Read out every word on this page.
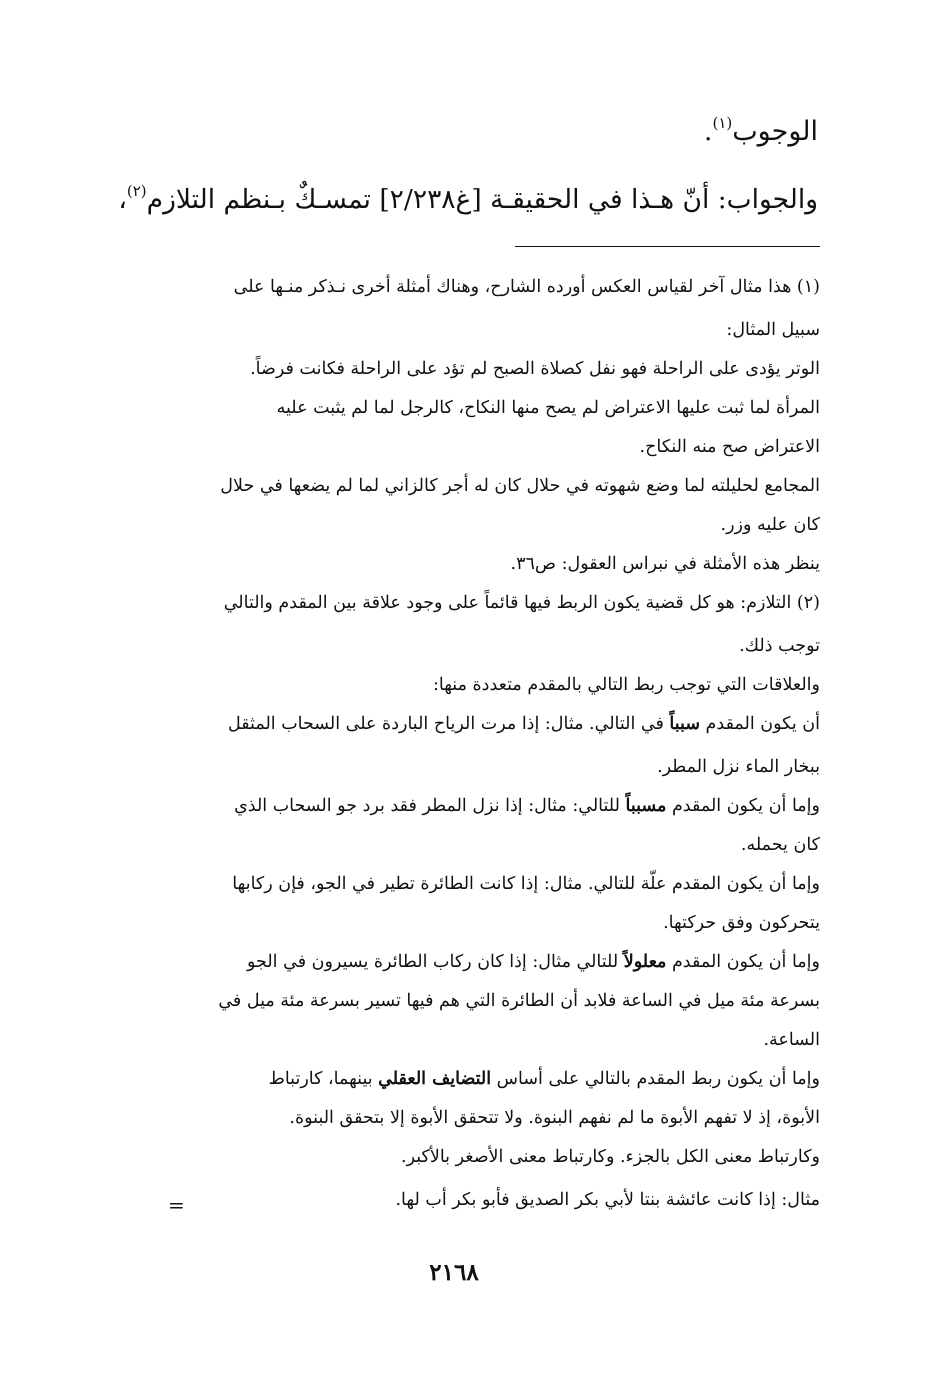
الوجوب$^{(١)}$.
والجواب: أنّ هـذا في الحقيقـة [غ٢/٢٣٨] تمسـكٌ بـنظم التلازم$^{(٢)}$،
(١) هذا مثال آخر لقياس العكس أورده الشارح، وهناك أمثلة أخرى نـذكر منـها على
سبيل المثال:
الوتر يؤدى على الراحلة فهو نفل كصلاة الصبح لم تؤد على الراحلة فكانت فرضاً.
المرأة لما ثبت عليها الاعتراض لم يصح منها النكاح، كالرجل لما لم يثبت عليه
الاعتراض صح منه النكاح.
المجامع لحليلته لما وضع شهوته في حلال كان له أجر كالزاني لما لم يضعها في حلال
كان عليه وزر.
ينظر هذه الأمثلة في نبراس العقول: ص٣٦.
(٢) التلازم: هو كل قضية يكون الربط فيها قائماً على وجود علاقة بين المقدم والتالي
توجب ذلك.
والعلاقات التي توجب ربط التالي بالمقدم متعددة منها:
أن يكون المقدم سبباً في التالي. مثال: إذا مرت الرياح الباردة على السحاب المثقل
ببخار الماء نزل المطر.
وإما أن يكون المقدم مسبباً للتالي: مثال: إذا نزل المطر فقد برد جو السحاب الذي
كان يحمله.
وإما أن يكون المقدم علّة للتالي. مثال: إذا كانت الطائرة تطير في الجو، فإن ركابها
يتحركون وفق حركتها.
وإما أن يكون المقدم معلولاً للتالي مثال: إذا كان ركاب الطائرة يسيرون في الجو
بسرعة مئة ميل في الساعة فلابد أن الطائرة التي هم فيها تسير بسرعة مئة ميل في
الساعة.
وإما أن يكون ربط المقدم بالتالي على أساس التضايف العقلي بينهما، كارتباط
الأبوة، إذ لا تفهم الأبوة ما لم نفهم البنوة. ولا تتحقق الأبوة إلا بتحقق البنوة.
وكارتباط معنى الكل بالجزء. وكارتباط معنى الأصغر بالأكبر.
مثال: إذا كانت عائشة بنتا لأبي بكر الصديق فأبو بكر أب لها.
=
٢١٦٨
